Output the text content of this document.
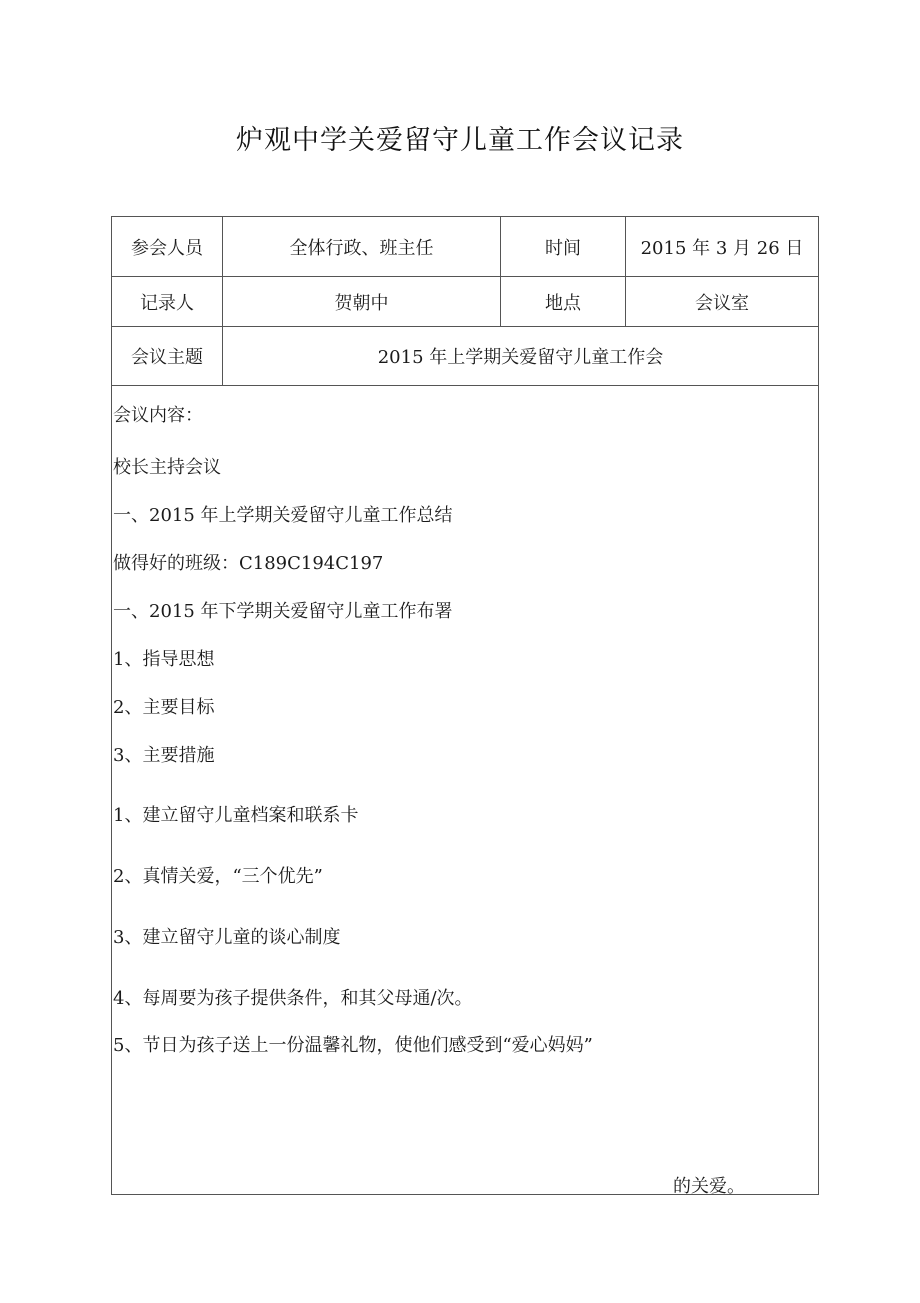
炉观中学关爱留守儿童工作会议记录
参会人员	全体行政、班主任	时间	2015 年 3 月 26 日
记录人	贺朝中	地点	会议室
会议主题	2015 年上学期关爱留守儿童工作会
会议内容：
校长主持会议
一、2015 年上学期关爱留守儿童工作总结
做得好的班级：C189C194C197
一、2015 年下学期关爱留守儿童工作布署
1、指导思想
2、主要目标
3、主要措施
1、建立留守儿童档案和联系卡
2、真情关爱，“三个优先”
3、建立留守儿童的谈心制度
4、每周要为孩子提供条件，和其父母通/次。
5、节日为孩子送上一份温馨礼物，使他们感受到“爱心妈妈”
的关爱。
